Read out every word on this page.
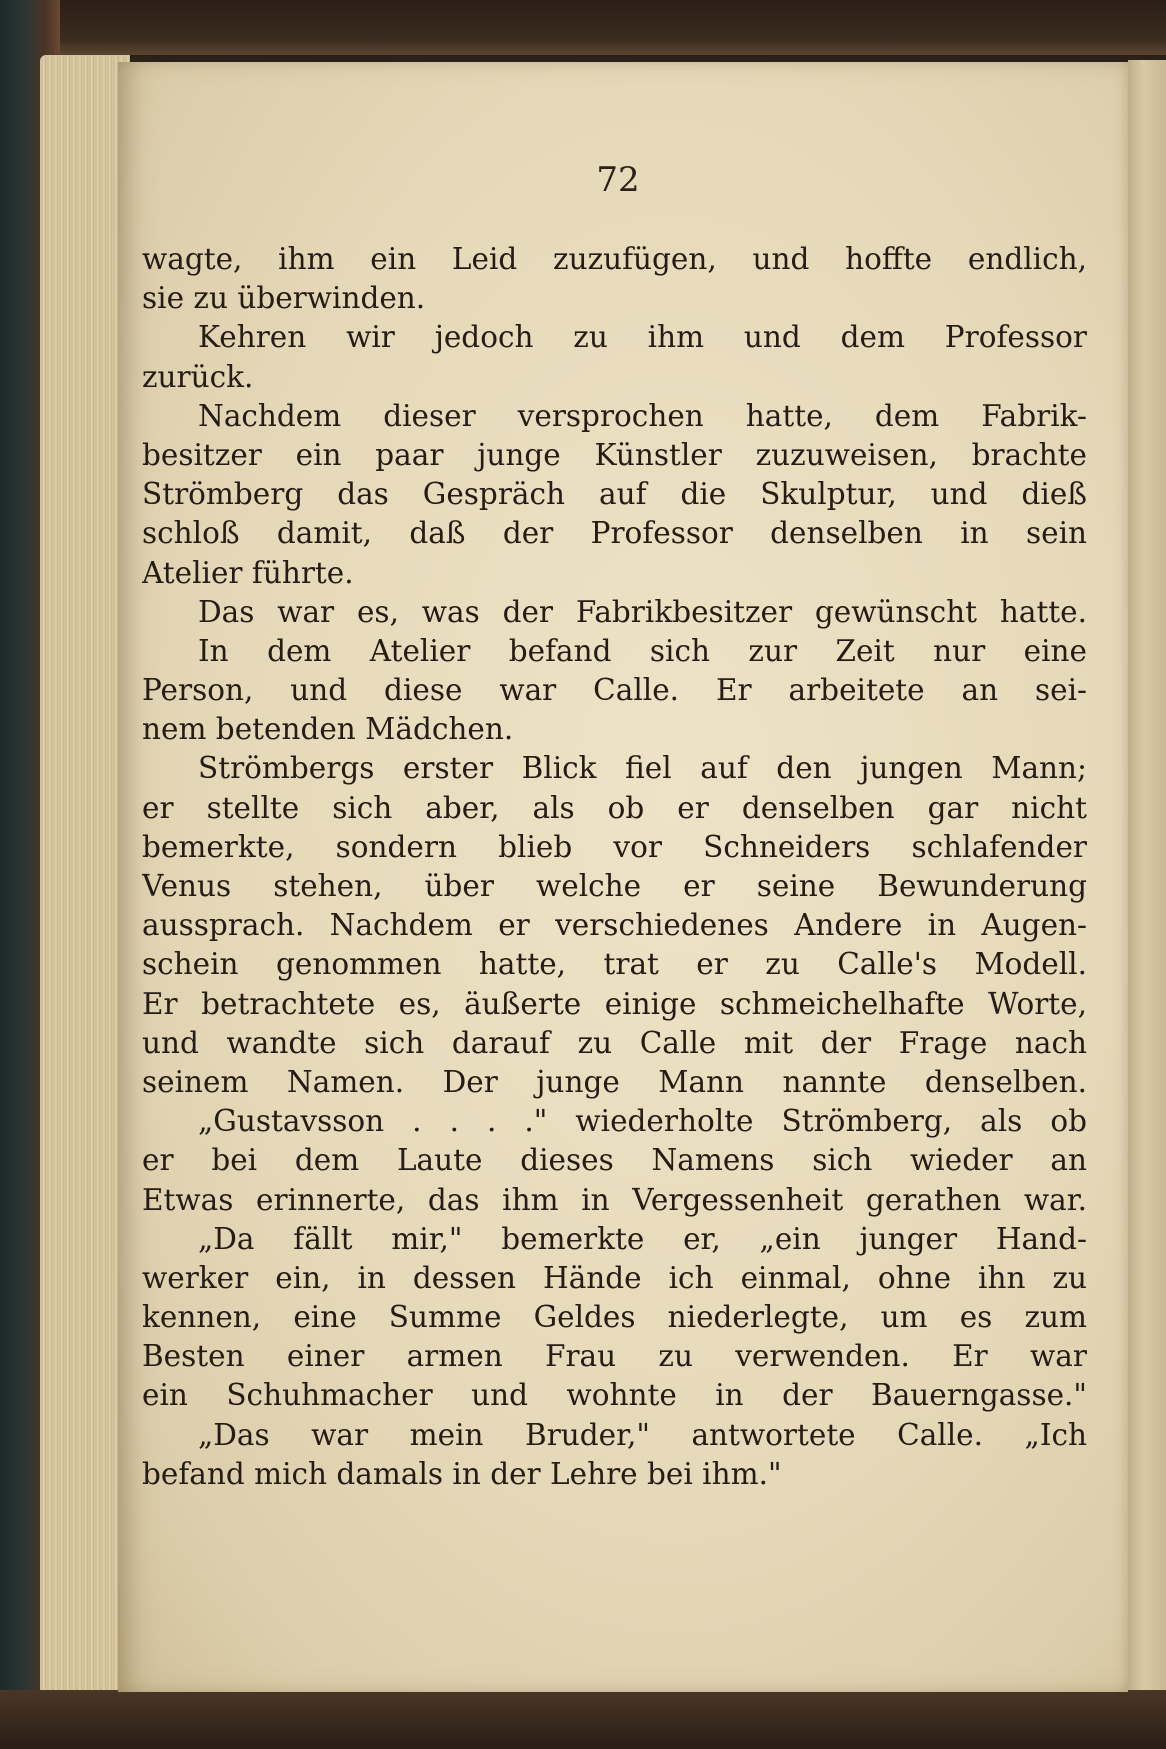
72
wagte, ihm ein Leid zuzufügen, und hoffte endlich,
sie zu überwinden.
Kehren wir jedoch zu ihm und dem Professor
zurück.
Nachdem dieser versprochen hatte, dem Fabrik-
besitzer ein paar junge Künstler zuzuweisen, brachte
Strömberg das Gespräch auf die Skulptur, und dieß
schloß damit, daß der Professor denselben in sein
Atelier führte.
Das war es, was der Fabrikbesitzer gewünscht hatte.
In dem Atelier befand sich zur Zeit nur eine
Person, und diese war Calle. Er arbeitete an sei-
nem betenden Mädchen.
Strömbergs erster Blick fiel auf den jungen Mann;
er stellte sich aber, als ob er denselben gar nicht
bemerkte, sondern blieb vor Schneiders schlafender
Venus stehen, über welche er seine Bewunderung
aussprach. Nachdem er verschiedenes Andere in Augen-
schein genommen hatte, trat er zu Calle's Modell.
Er betrachtete es, äußerte einige schmeichelhafte Worte,
und wandte sich darauf zu Calle mit der Frage nach
seinem Namen. Der junge Mann nannte denselben.
„Gustavsson . . . ." wiederholte Strömberg, als ob
er bei dem Laute dieses Namens sich wieder an
Etwas erinnerte, das ihm in Vergessenheit gerathen war.
„Da fällt mir," bemerkte er, „ein junger Hand-
werker ein, in dessen Hände ich einmal, ohne ihn zu
kennen, eine Summe Geldes niederlegte, um es zum
Besten einer armen Frau zu verwenden. Er war
ein Schuhmacher und wohnte in der Bauerngasse."
„Das war mein Bruder," antwortete Calle. „Ich
befand mich damals in der Lehre bei ihm."
